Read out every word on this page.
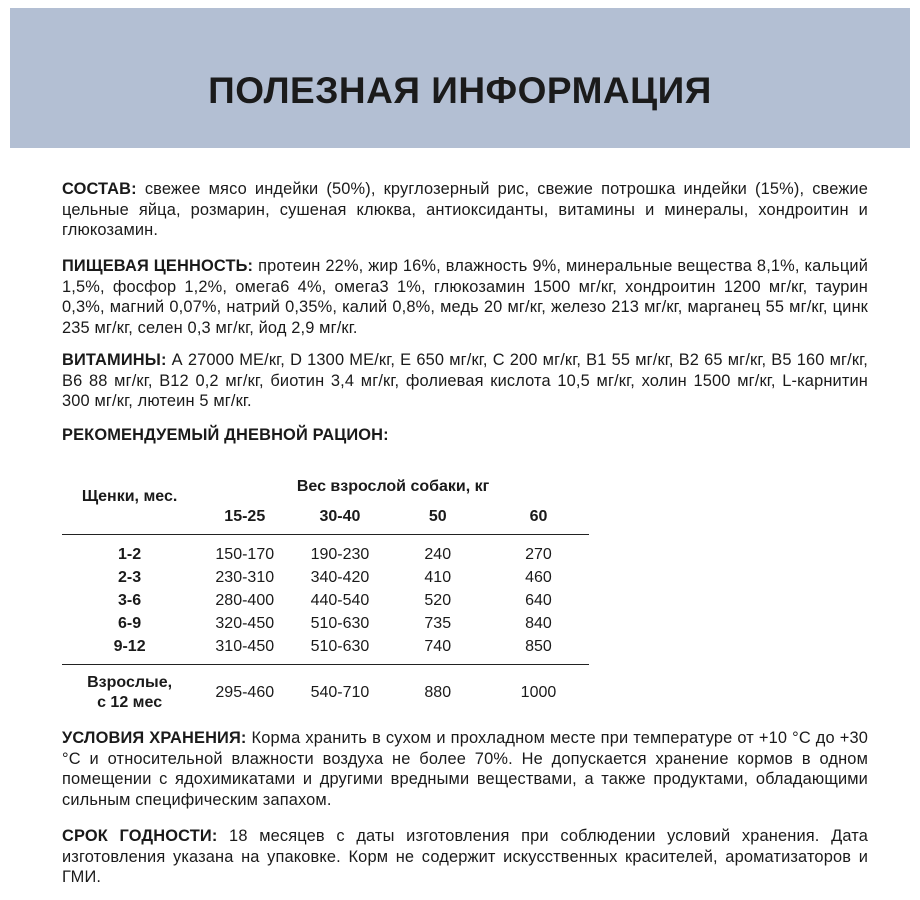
ПОЛЕЗНАЯ ИНФОРМАЦИЯ
СОСТАВ: свежее мясо индейки (50%), круглозерный рис, свежие потрошка индейки (15%), свежие цельные яйца, розмарин, сушеная клюква, антиоксиданты, витамины и минералы, хондроитин и глюкозамин.
ПИЩЕВАЯ ЦЕННОСТЬ: протеин 22%, жир 16%, влажность 9%, минеральные вещества 8,1%, кальций 1,5%, фосфор 1,2%, омега6 4%, омега3 1%, глюкозамин 1500 мг/кг, хондроитин 1200 мг/кг, таурин 0,3%, магний 0,07%, натрий 0,35%, калий 0,8%, медь 20 мг/кг, железо 213 мг/кг, марганец 55 мг/кг, цинк 235 мг/кг, селен 0,3 мг/кг, йод 2,9 мг/кг.
ВИТАМИНЫ: А 27000 МЕ/кг, D 1300 МЕ/кг, E 650 мг/кг, C 200 мг/кг, B1 55 мг/кг, B2 65 мг/кг, B5 160 мг/кг, B6 88 мг/кг, B12 0,2 мг/кг, биотин 3,4 мг/кг, фолиевая кислота 10,5 мг/кг, холин 1500 мг/кг, L-карнитин 300 мг/кг, лютеин 5 мг/кг.
РЕКОМЕНДУЕМЫЙ ДНЕВНОЙ РАЦИОН:
Щенки, мес.	Вес взрослой собаки, кг			
	15-25	30-40	50	60
1-2	150-170	190-230	240	270
2-3	230-310	340-420	410	460
3-6	280-400	440-540	520	640
6-9	320-450	510-630	735	840
9-12	310-450	510-630	740	850

Взрослые,
с 12 мес	295-460	540-710	880	1000
УСЛОВИЯ ХРАНЕНИЯ: Корма хранить в сухом и прохладном месте при температуре от +10 °С до +30 °С и относительной влажности воздуха не более 70%. Не допускается хранение кормов в одном помещении с ядохимикатами и другими вредными веществами, а также продуктами, обладающими сильным специфическим запахом.
СРОК ГОДНОСТИ: 18 месяцев с даты изготовления при соблюдении условий хранения. Дата изготовления указана на упаковке. Корм не содержит искусственных красителей, ароматизаторов и ГМИ.
